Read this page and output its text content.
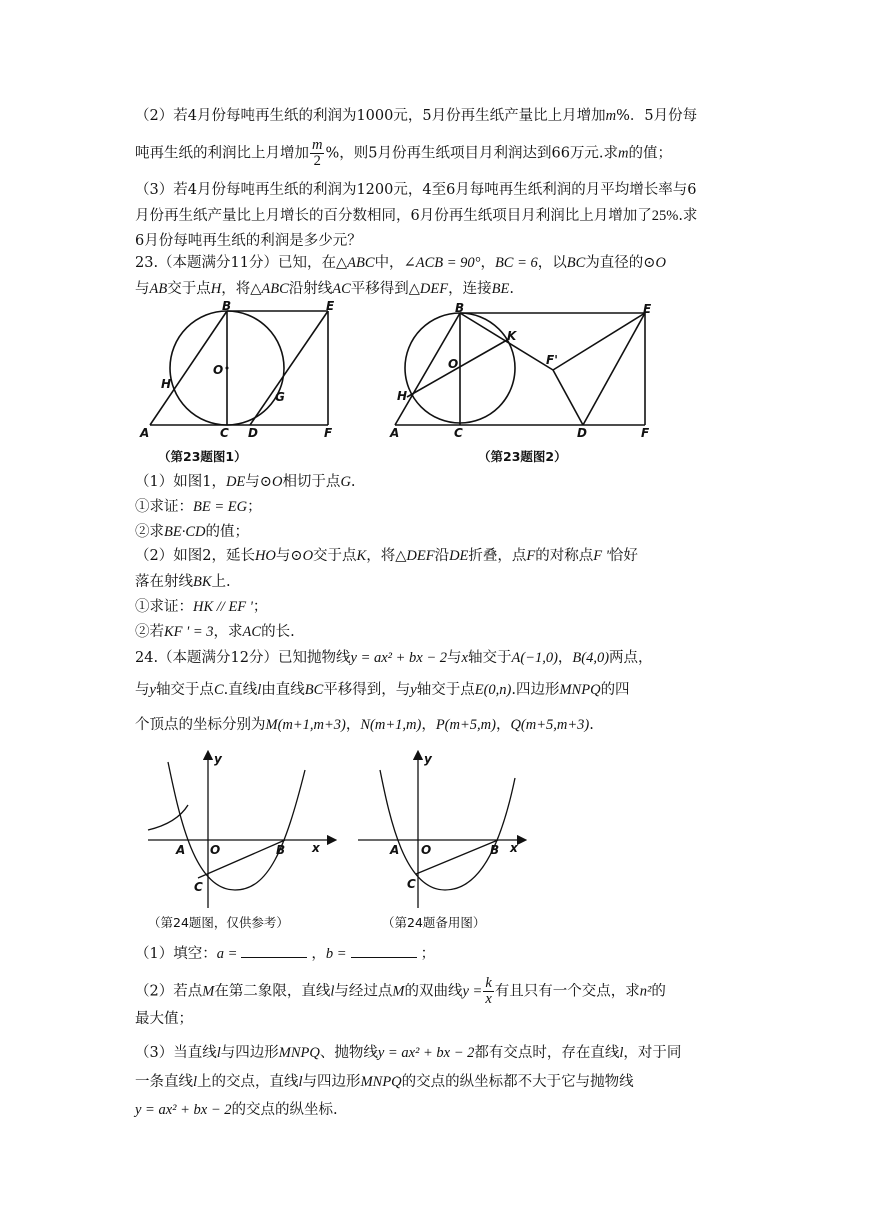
（2）若4月份每吨再生纸的利润为1000元，5月份再生纸产量比上月增加m%．5月份每
吨再生纸的利润比上月增加 $\frac{m}{2}$ %，则5月份再生纸项目月利润达到66万元.求m的值；
（3）若4月份每吨再生纸的利润为1200元，4至6月每吨再生纸利润的月平均增长率与6
月份再生纸产量比上月增长的百分数相同，6月份再生纸项目月利润比上月增加了25%.求
6月份每吨再生纸的利润是多少元？
23.（本题满分11分）已知，在△ABC中，∠ACB = 90°，BC = 6，以BC为直径的⊙O
与AB交于点H，将△ABC沿射线AC平移得到△DEF，连接BE.
B	E
O
H
G
A	C D	F
（第23题图1）
B	E
K
O	F'
H
A	C	D	F
（第23题图2）
（1）如图1，DE与⊙O相切于点G.
①求证：BE = EG；
②求BE·CD的值；
（2）如图2，延长HO与⊙O交于点K，将△DEF沿DE折叠，点F的对称点F '恰好
落在射线BK上.
①求证：HK // EF '；
②若KF ' = 3，求AC的长.
24.（本题满分12分）已知抛物线y = ax² + bx − 2与x轴交于A(−1,0)，B(4,0)两点，
与y轴交于点C.直线l由直线BC平移得到，与y轴交于点E(0,n).四边形MNPQ的四
个顶点的坐标分别为M(m+1,m+3)，N(m+1,m)，P(m+5,m)，Q(m+5,m+3).
y
x
A O	B
C
（第24题图，仅供参考）
y
x
A O	B
C
（第24题备用图）
（1）填空：a =	，b =	；
（2）若点M在第二象限，直线l与经过点M的双曲线$y = \frac{k}{x}$ 有且只有一个交点，求n²的
最大值；
（3）当直线l与四边形MNPQ、抛物线y = ax² + bx − 2都有交点时，存在直线l，对于同
一条直线l上的交点，直线l与四边形MNPQ的交点的纵坐标都不大于它与抛物线
y = ax² + bx − 2的交点的纵坐标.
